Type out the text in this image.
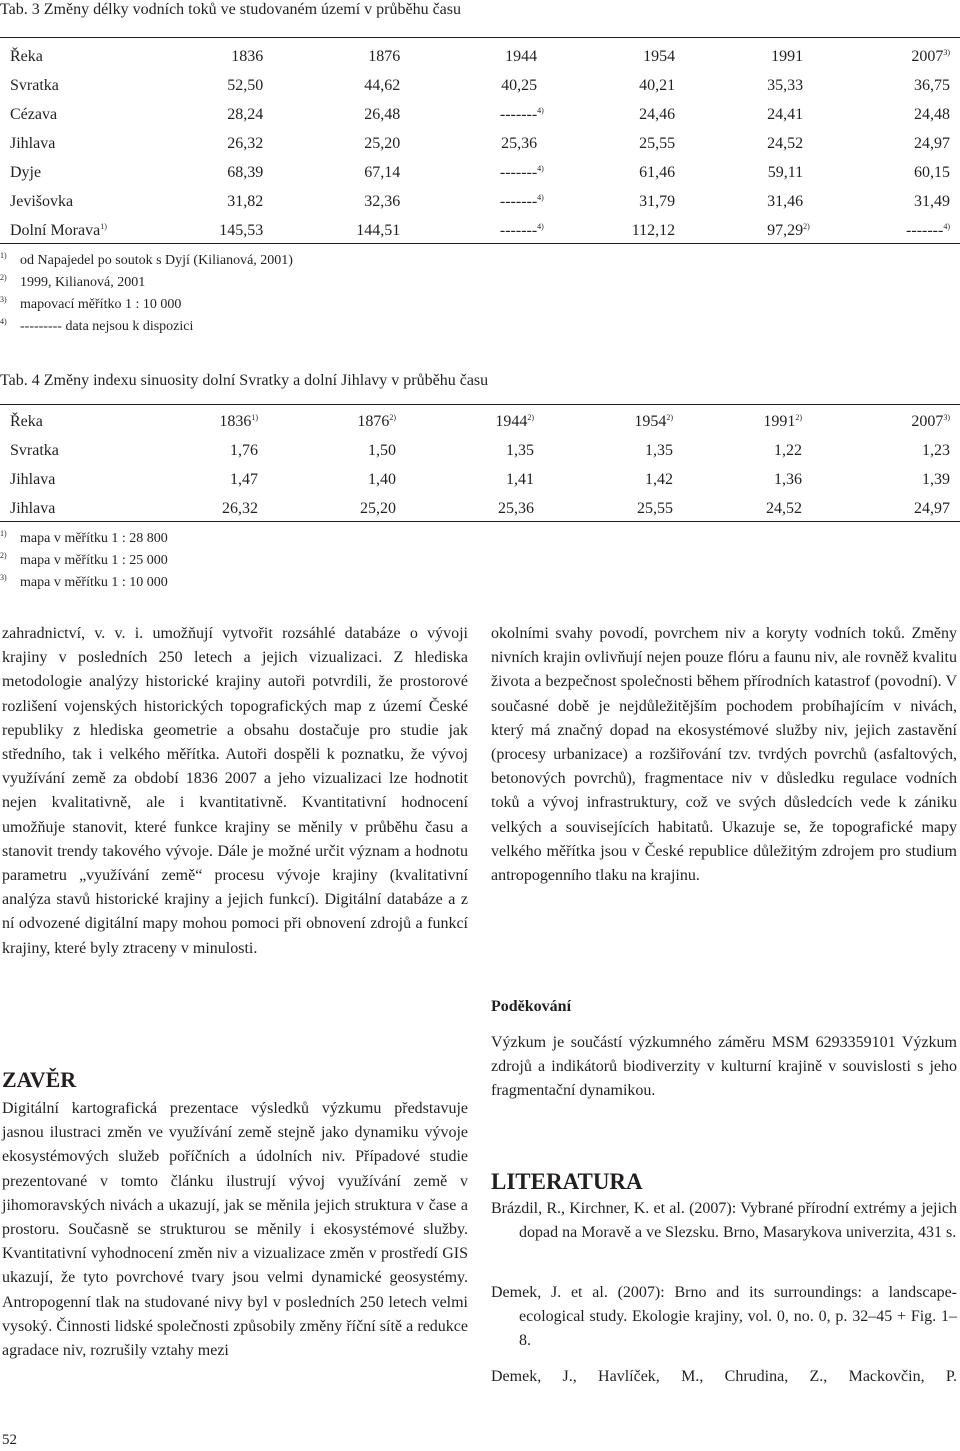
Tab. 3 Změny délky vodních toků ve studovaném území v průběhu času
Řeka	1836	1876	1944	1954	1991	2007$^{3)}$
Svratka	52,50	44,62	40,25	40,21	35,33	36,75
Cézava	28,24	26,48	-------$^{4)}$	24,46	24,41	24,48
Jihlava	26,32	25,20	25,36	25,55	24,52	24,97
Dyje	68,39	67,14	-------$^{4)}$	61,46	59,11	60,15
Jevišovka	31,82	32,36	-------$^{4)}$	31,79	31,46	31,49
Dolní Morava$^{1)}$	145,53	144,51	-------$^{4)}$	112,12	97,29$^{2)}$	-------$^{4)}$
$^{1)}$ od Napajedel po soutok s Dyjí (Kilianová, 2001)
$^{2)}$ 1999, Kilianová, 2001
$^{3)}$ mapovací měřítko 1 : 10 000
$^{4)}$ --------- data nejsou k dispozici
Tab. 4 Změny indexu sinuosity dolní Svratky a dolní Jihlavy v průběhu času
Řeka	1836$^{1)}$	1876$^{2)}$	1944$^{2)}$	1954$^{2)}$	1991$^{2)}$	2007$^{3)}$
Svratka	1,76	1,50	1,35	1,35	1,22	1,23
Jihlava	1,47	1,40	1,41	1,42	1,36	1,39
Jihlava	26,32	25,20	25,36	25,55	24,52	24,97
$^{1)}$ mapa v měřítku 1 : 28 800
$^{2)}$ mapa v měřítku 1 : 25 000
$^{3)}$ mapa v měřítku 1 : 10 000

zahradnictví, v. v. i. umožňují vytvořit rozsáhlé databáze o vývoji krajiny v posledních 250 letech a jejich vizualizaci. Z hlediska metodologie analýzy historické krajiny autoři potvrdili, že prostorové rozlišení vojenských historických topografických map z území České republiky z hlediska geometrie a obsahu dostačuje pro studie jak středního, tak i velkého měřítka. Autoři dospěli k poznatku, že vývoj využívání země za období 1836 2007 a jeho vizualizaci lze hodnotit nejen kvalitativně, ale i kvantitativně. Kvantitativní hodnocení umožňuje stanovit, které funkce krajiny se měnily v průběhu času a stanovit trendy takového vývoje. Dále je možné určit význam a hodnotu parametru „využívání země“ procesu vývoje krajiny (kvalitativní analýza stavů historické krajiny a jejich funkcí). Digitální databáze a z ní odvozené digitální mapy mohou pomoci při obnovení zdrojů a funkcí krajiny, které byly ztraceny v minulosti.

ZAVĚR

Digitální kartografická prezentace výsledků výzkumu představuje jasnou ilustraci změn ve využívání země stejně jako dynamiku vývoje ekosystémových služeb poříčních a údolních niv. Případové studie prezentované v tomto článku ilustrují vývoj využívání země v jihomoravských nivách a ukazují, jak se měnila jejich struktura v čase a prostoru. Současně se strukturou se měnily i ekosystémové služby. Kvantitativní vyhodnocení změn niv a vizualizace změn v prostředí GIS ukazují, že tyto povrchové tvary jsou velmi dynamické geosystémy. Antropogenní tlak na studované nivy byl v posledních 250 letech velmi vysoký. Činnosti lidské společnosti způsobily změny říční sítě a redukce agradace niv, rozrušily vztahy mezi

okolními svahy povodí, povrchem niv a koryty vodních toků. Změny nivních krajin ovlivňují nejen pouze flóru a faunu niv, ale rovněž kvalitu života a bezpečnost společnosti během přírodních katastrof (povodní). V současné době je nejdůležitějším pochodem probíhajícím v nivách, který má značný dopad na ekosystémové služby niv, jejich zastavění (procesy urbanizace) a rozšiřování tzv. tvrdých povrchů (asfaltových, betonových povrchů), fragmentace niv v důsledku regulace vodních toků a vývoj infrastruktury, což ve svých důsledcích vede k zániku velkých a souvisejících habitatů. Ukazuje se, že topografické mapy velkého měřítka jsou v České republice důležitým zdrojem pro studium antropogenního tlaku na krajinu.

Poděkování

Výzkum je součástí výzkumného záměru MSM 6293359101 Výzkum zdrojů a indikátorů biodiverzity v kulturní krajině v souvislosti s jeho fragmentační dynamikou.

LITERATURA
Brázdil, R., Kirchner, K. et al. (2007): Vybrané přírodní extrémy a jejich dopad na Moravě a ve Slezsku. Brno, Masarykova univerzita, 431 s.
Demek, J. et al. (2007): Brno and its surroundings: a landscape-ecological study. Ekologie krajiny, vol. 0, no. 0, p. 32–45 + Fig. 1–8.
Demek, J., Havlíček, M., Chrudina, Z., Mackovčin, P.
52
